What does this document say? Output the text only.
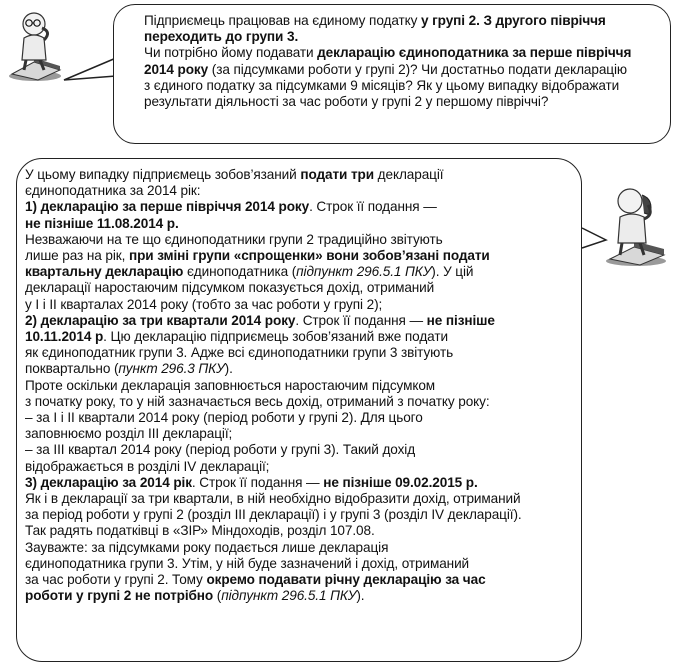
Підприємець працював на єдиному податку у групі 2. З другого півріччя

переходить до групи 3.

Чи потрібно йому подавати декларацію єдиноподатника за перше півріччя

2014 року (за підсумками роботи у групі 2)? Чи достатньо подати декларацію

з єдиного податку за підсумками 9 місяців? Як у цьому випадку відображати

результати діяльності за час роботи у групі 2 у першому півріччі?

У цьому випадку підприємець зобов’язаний подати три декларації

єдиноподатника за 2014 рік:

1) декларацію за перше півріччя 2014 року. Строк її подання —

не пізніше 11.08.2014 р.

Незважаючи на те що єдиноподатники групи 2 традиційно звітують

лише раз на рік, при зміні групи «спрощенки» вони зобов’язані подати

квартальну декларацію єдиноподатника (підпункт 296.5.1 ПКУ). У цій

декларації наростаючим підсумком показується дохід, отриманий

у I і II кварталах 2014 року (тобто за час роботи у групі 2);

2) декларацію за три квартали 2014 року. Строк її подання — не пізніше

10.11.2014 р. Цю декларацію підприємець зобов’язаний вже подати

як єдиноподатник групи 3. Адже всі єдиноподатники групи 3 звітують

поквартально (пункт 296.3 ПКУ).

Проте оскільки декларація заповнюється наростаючим підсумком

з початку року, то у ній зазначається весь дохід, отриманий з початку року:

– за I і II квартали 2014 року (період роботи у групі 2). Для цього

заповнюємо розділ III декларації;

– за III квартал 2014 року (період роботи у групі 3). Такий дохід

відображається в розділі IV декларації;

3) декларацію за 2014 рік. Строк її подання — не пізніше 09.02.2015 р.

Як і в декларації за три квартали, в ній необхідно відобразити дохід, отриманий

за період роботи у групі 2 (розділ III декларації) і у групі 3 (розділ IV декларації).

Так радять податківці в «ЗІР» Міндоходів, розділ 107.08.

Зауважте: за підсумками року подається лише декларація

єдиноподатника групи 3. Утім, у ній буде зазначений і дохід, отриманий

за час роботи у групі 2. Тому окремо подавати річну декларацію за час

роботи у групі 2 не потрібно (підпункт 296.5.1 ПКУ).
